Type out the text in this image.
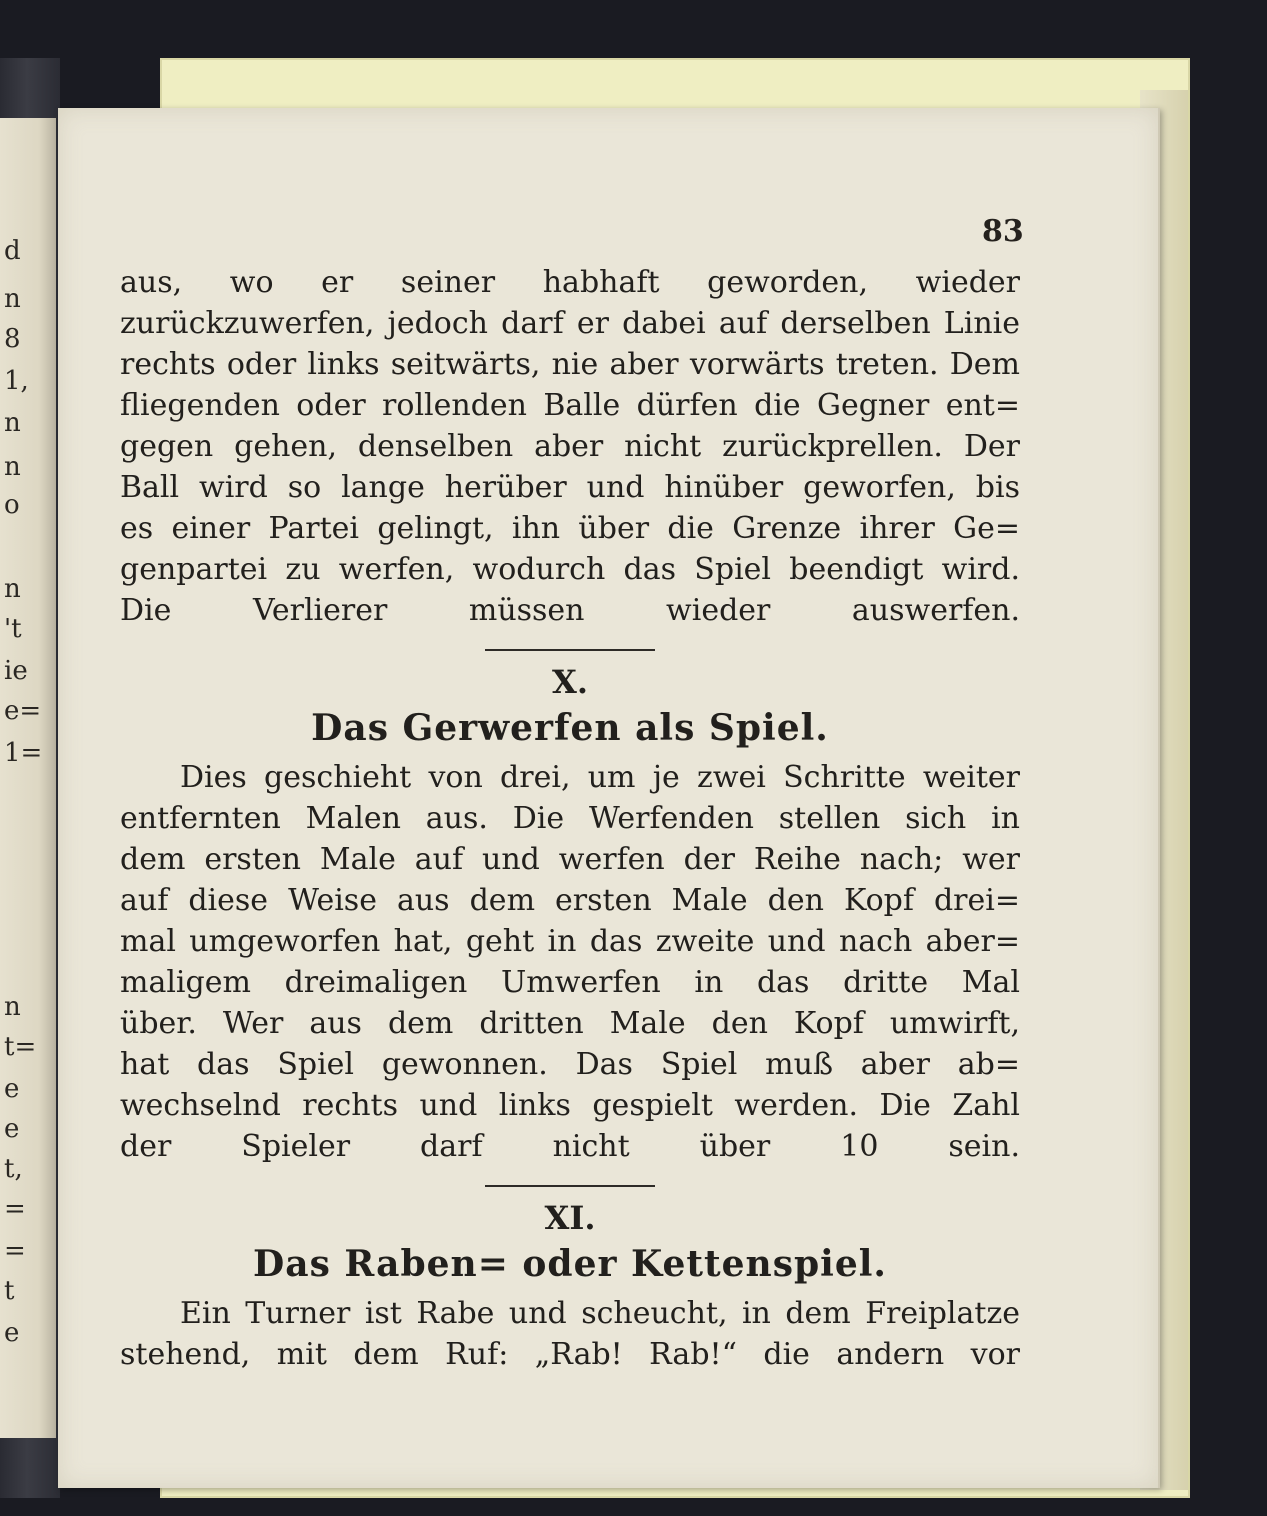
d
n
8
1,
n
n
o
n
't
ie
e=
1=
n
t=
e
e
t,
=
=
t
e
83

aus, wo er seiner habhaft geworden, wieder
zurückzuwerfen, jedoch darf er dabei auf derselben Linie
rechts oder links seitwärts, nie aber vorwärts treten. Dem
fliegenden oder rollenden Balle dürfen die Gegner ent=
gegen gehen, denselben aber nicht zurückprellen. Der
Ball wird so lange herüber und hinüber geworfen, bis
es einer Partei gelingt, ihn über die Grenze ihrer Ge=
genpartei zu werfen, wodurch das Spiel beendigt wird.
Die Verlierer müssen wieder auswerfen.

X.

Das Gerwerfen als Spiel.

Dies geschieht von drei, um je zwei Schritte weiter
entfernten Malen aus. Die Werfenden stellen sich in
dem ersten Male auf und werfen der Reihe nach; wer
auf diese Weise aus dem ersten Male den Kopf drei=
mal umgeworfen hat, geht in das zweite und nach aber=
maligem dreimaligen Umwerfen in das dritte Mal
über. Wer aus dem dritten Male den Kopf umwirft,
hat das Spiel gewonnen. Das Spiel muß aber ab=
wechselnd rechts und links gespielt werden. Die Zahl
der Spieler darf nicht über 10 sein.

XI.

Das Raben= oder Kettenspiel.

Ein Turner ist Rabe und scheucht, in dem Freiplatze
stehend, mit dem Ruf: „Rab! Rab!“ die andern vor
